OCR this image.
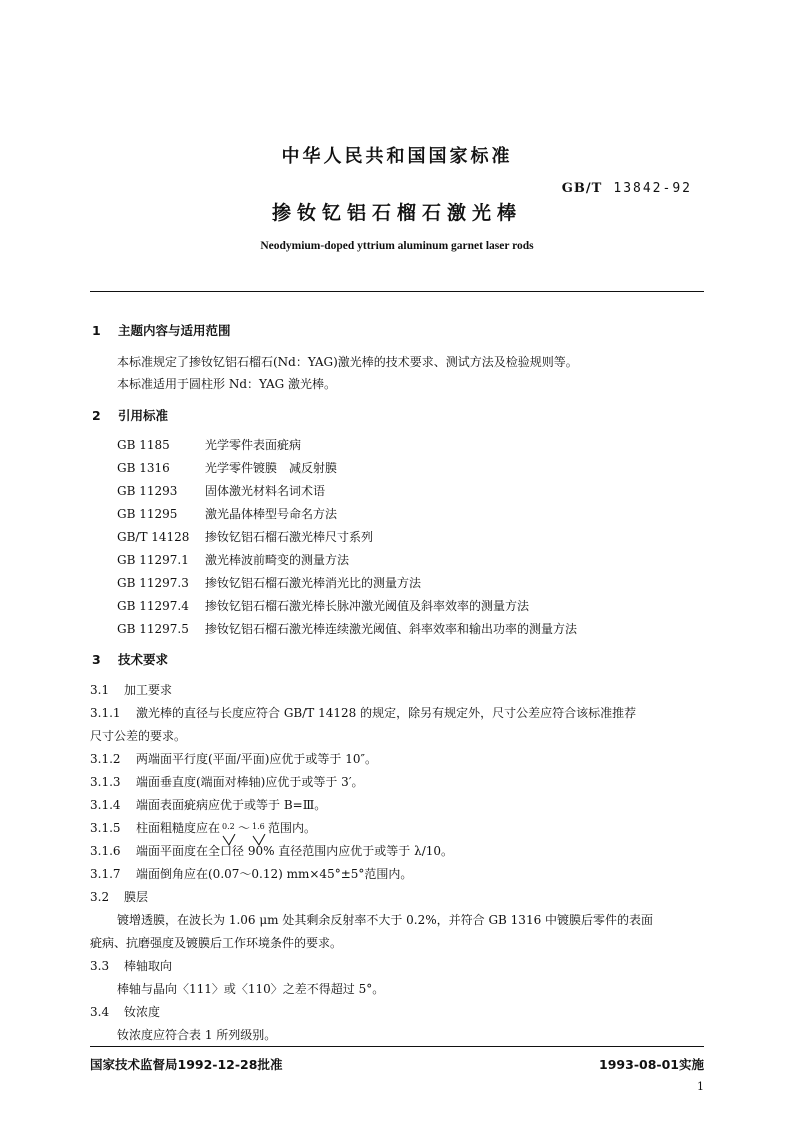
中华人民共和国国家标准
GB/T 13842-92
掺钕钇铝石榴石激光棒
Neodymium-doped yttrium aluminum garnet laser rods
1 主题内容与适用范围
本标准规定了掺钕钇铝石榴石(Nd：YAG)激光棒的技术要求、测试方法及检验规则等。
本标准适用于圆柱形 Nd：YAG 激光棒。
2 引用标准
GB 1185	光学零件表面疵病
GB 1316	光学零件镀膜　减反射膜
GB 11293 固体激光材料名词术语
GB 11295 激光晶体棒型号命名方法
GB/T 14128 掺钕钇铝石榴石激光棒尺寸系列
GB 11297.1 激光棒波前畸变的测量方法
GB 11297.3 掺钕钇铝石榴石激光棒消光比的测量方法
GB 11297.4 掺钕钇铝石榴石激光棒长脉冲激光阈值及斜率效率的测量方法
GB 11297.5 掺钕钇铝石榴石激光棒连续激光阈值、斜率效率和输出功率的测量方法
3 技术要求
3.1 加工要求
3.1.1 激光棒的直径与长度应符合 GB/T 14128 的规定，除另有规定外，尺寸公差应符合该标准推荐
尺寸公差的要求。
3.1.2 两端面平行度(平面/平面)应优于或等于 10″。
3.1.3 端面垂直度(端面对棒轴)应优于或等于 3′。
3.1.4 端面表面疵病应优于或等于 B=Ⅲ。
3.1.5 柱面粗糙度应在 0.2 ～ 1.6 范围内。
3.1.6 端面平面度在全口径 90% 直径范围内应优于或等于 λ/10。
3.1.7 端面倒角应在(0.07～0.12) mm×45°±5°范围内。
3.2 膜层
镀增透膜，在波长为 1.06 μm 处其剩余反射率不大于 0.2%，并符合 GB 1316 中镀膜后零件的表面
疵病、抗磨强度及镀膜后工作环境条件的要求。
3.3 棒轴取向
棒轴与晶向〈111〉或〈110〉之差不得超过 5°。
3.4 钕浓度
钕浓度应符合表 1 所列级别。
国家技术监督局1992-12-28批准	1993-08-01实施
1
